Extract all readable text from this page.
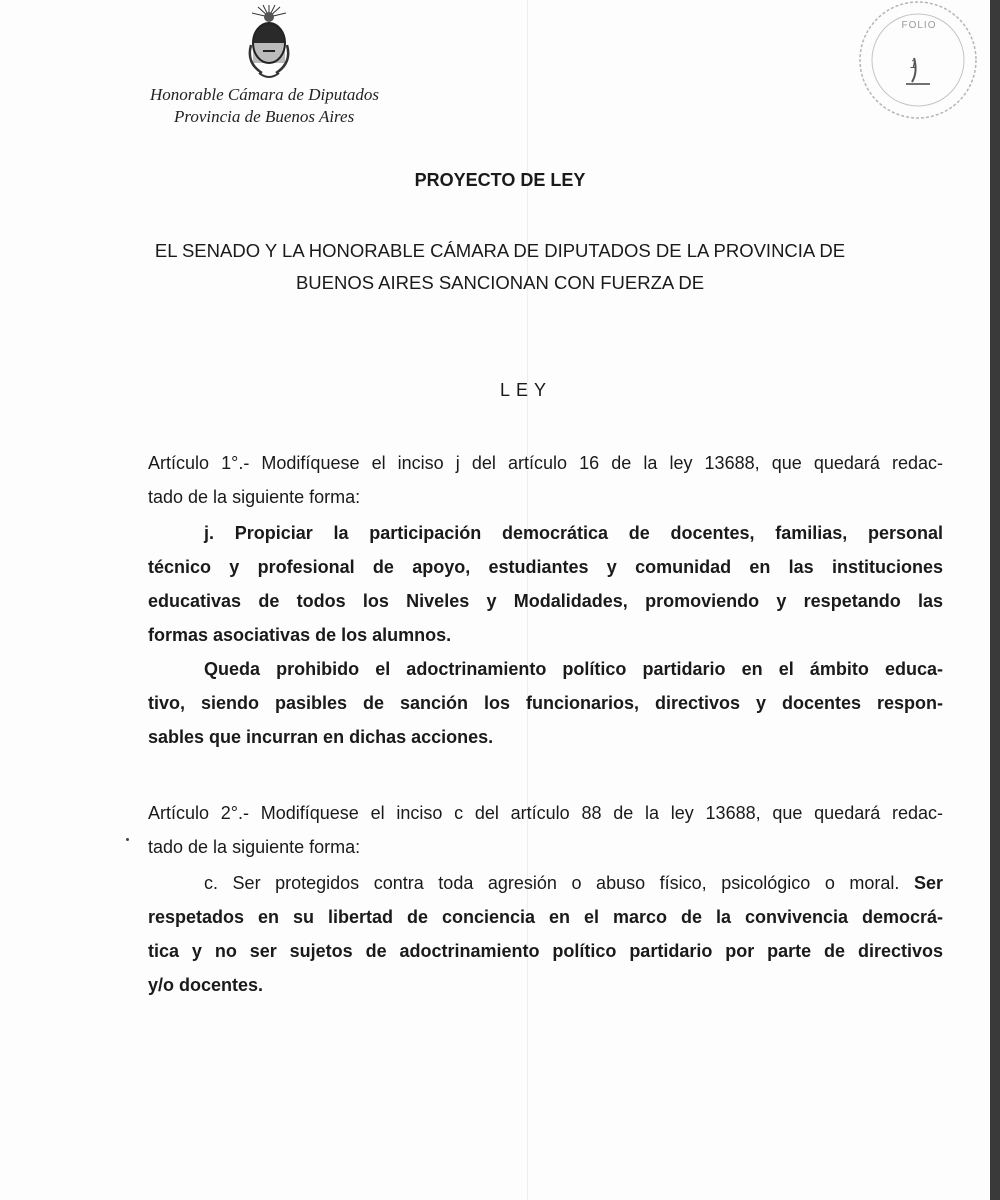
Honorable Cámara de Diputados
Provincia de Buenos Aires
FOLIO
1
PROYECTO DE LEY
EL SENADO Y LA HONORABLE CÁMARA DE DIPUTADOS DE LA PROVINCIA DE
BUENOS AIRES SANCIONAN CON FUERZA DE
LEY
Artículo 1°.- Modifíquese el inciso j del artículo 16 de la ley 13688, que quedará redac-
tado de la siguiente forma:
j. Propiciar la participación democrática de docentes, familias, personal
técnico y profesional de apoyo, estudiantes y comunidad en las instituciones
educativas de todos los Niveles y Modalidades, promoviendo y respetando las
formas asociativas de los alumnos.
Queda prohibido el adoctrinamiento político partidario en el ámbito educa-
tivo, siendo pasibles de sanción los funcionarios, directivos y docentes respon-
sables que incurran en dichas acciones.
Artículo 2°.- Modifíquese el inciso c del artículo 88 de la ley 13688, que quedará redac-
tado de la siguiente forma:
c. Ser protegidos contra toda agresión o abuso físico, psicológico o moral. Ser
respetados en su libertad de conciencia en el marco de la convivencia democrá-
tica y no ser sujetos de adoctrinamiento político partidario por parte de directivos
y/o docentes.
